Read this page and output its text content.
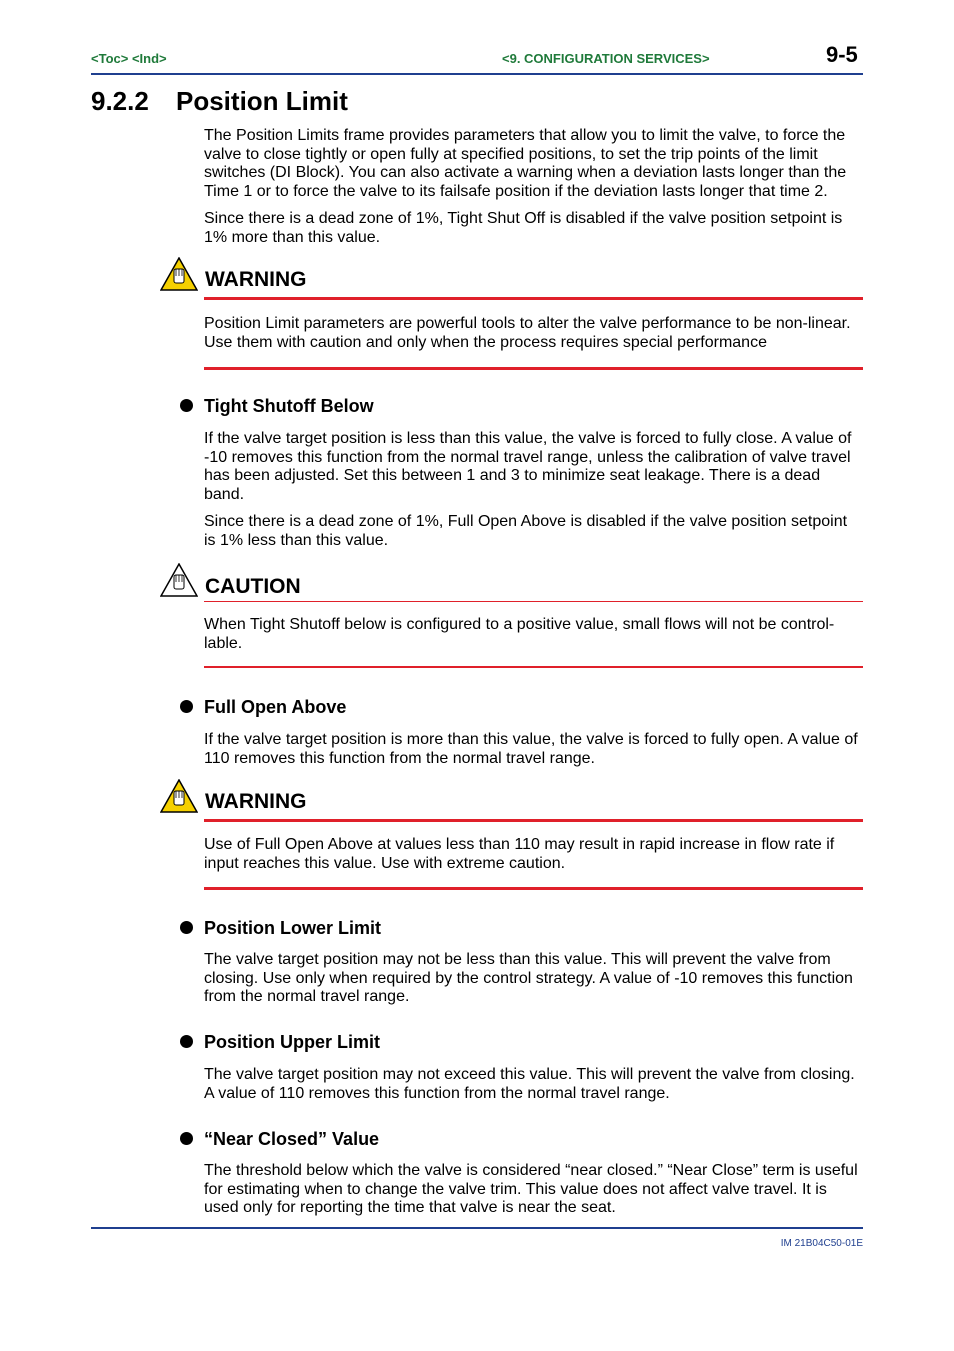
<Toc> <Ind>	<9. CONFIGURATION SERVICES>	9-5
9.2.2 Position Limit
The Position Limits frame provides parameters that allow you to limit the valve, to force the valve to close tightly or open fully at specified positions, to set the trip points of the limit switches (DI Block). You can also activate a warning when a deviation lasts longer than the Time 1 or to force the valve to its failsafe position if the deviation lasts longer that time 2.
Since there is a dead zone of 1%, Tight Shut Off is disabled if the valve position setpoint is 1% more than this value.
WARNING
Position Limit parameters are powerful tools to alter the valve performance to be non-linear. Use them with caution and only when the process requires special performance
Tight Shutoff Below
If the valve target position is less than this value, the valve is forced to fully close. A value of -10 removes this function from the normal travel range, unless the calibration of valve travel has been adjusted. Set this between 1 and 3 to minimize seat leakage. There is a dead band.
Since there is a dead zone of 1%, Full Open Above is disabled if the valve position setpoint is 1% less than this value.
CAUTION
When Tight Shutoff below is configured to a positive value, small flows will not be control-lable.
Full Open Above
If the valve target position is more than this value, the valve is forced to fully open. A value of 110 removes this function from the normal travel range.
WARNING
Use of Full Open Above at values less than 110 may result in rapid increase in flow rate if input reaches this value. Use with extreme caution.
Position Lower Limit
The valve target position may not be less than this value. This will prevent the valve from closing. Use only when required by the control strategy. A value of -10 removes this function from the normal travel range.
Position Upper Limit
The valve target position may not exceed this value. This will prevent the valve from closing. A value of 110 removes this function from the normal travel range.
“Near Closed” Value
The threshold below which the valve is considered “near closed.” “Near Close” term is useful for estimating when to change the valve trim. This value does not affect valve travel. It is used only for reporting the time that valve is near the seat.
IM 21B04C50-01E
